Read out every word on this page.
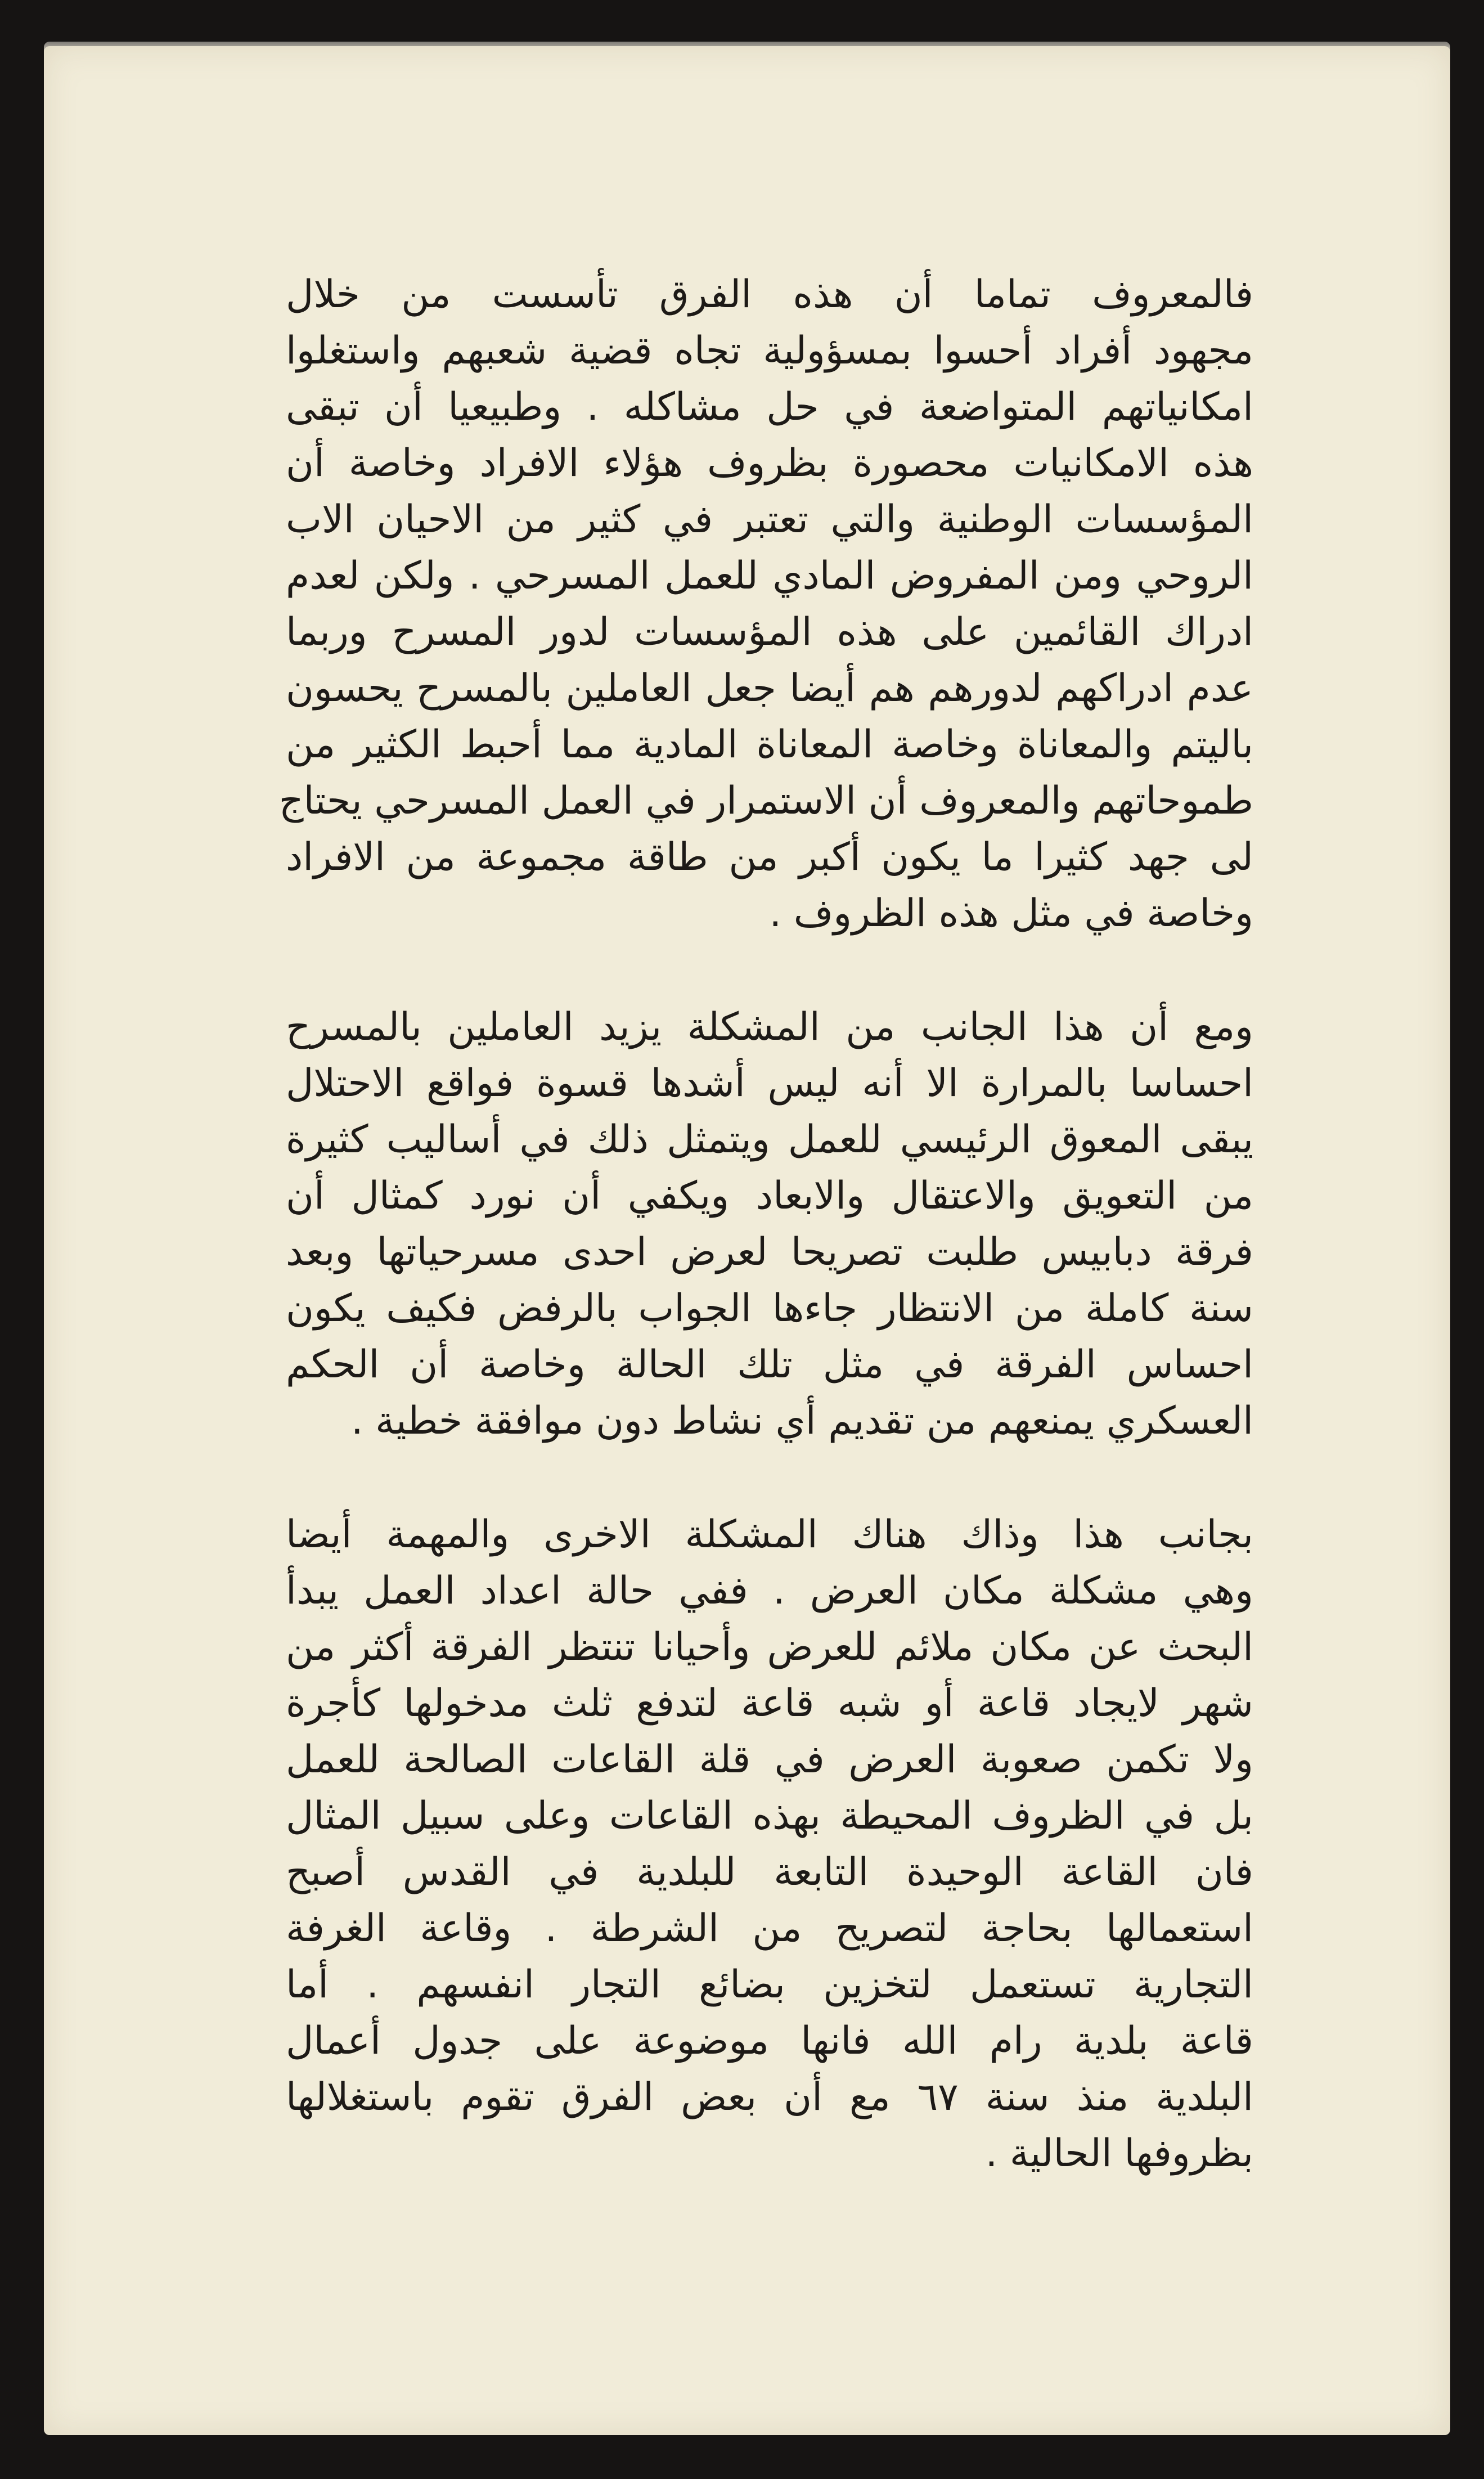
فالمعروف تماما أن هذه الفرق تأسست من خلال
مجهود أفراد أحسوا بمسؤولية تجاه قضية شعبهم واستغلوا
امكانياتهم المتواضعة في حل مشاكله . وطبيعيا أن تبقى
هذه الامكانيات محصورة بظروف هؤلاء الافراد وخاصة أن
المؤسسات الوطنية والتي تعتبر في كثير من الاحيان الاب
الروحي ومن المفروض المادي للعمل المسرحي . ولكن لعدم
ادراك القائمين على هذه المؤسسات لدور المسرح وربما
عدم ادراكهم لدورهم هم أيضا جعل العاملين بالمسرح يحسون
باليتم والمعاناة وخاصة المعاناة المادية مما أحبط الكثير من
طموحاتهم والمعروف أن الاستمرار في العمل المسرحي يحتاج
لى جهد كثيرا ما يكون أكبر من طاقة مجموعة من الافراد
وخاصة في مثل هذه الظروف .
ومع أن هذا الجانب من المشكلة يزيد العاملين بالمسرح
احساسا بالمرارة الا أنه ليس أشدها قسوة فواقع الاحتلال
يبقى المعوق الرئيسي للعمل ويتمثل ذلك في أساليب كثيرة
من التعويق والاعتقال والابعاد ويكفي أن نورد كمثال أن
فرقة دبابيس طلبت تصريحا لعرض احدى مسرحياتها وبعد
سنة كاملة من الانتظار جاءها الجواب بالرفض فكيف يكون
احساس الفرقة في مثل تلك الحالة وخاصة أن الحكم
العسكري يمنعهم من تقديم أي نشاط دون موافقة خطية .
بجانب هذا وذاك هناك المشكلة الاخرى والمهمة أيضا
وهي مشكلة مكان العرض . ففي حالة اعداد العمل يبدأ
البحث عن مكان ملائم للعرض وأحيانا تنتظر الفرقة أكثر من
شهر لايجاد قاعة أو شبه قاعة لتدفع ثلث مدخولها كأجرة
ولا تكمن صعوبة العرض في قلة القاعات الصالحة للعمل
بل في الظروف المحيطة بهذه القاعات وعلى سبيل المثال
فان القاعة الوحيدة التابعة للبلدية في القدس أصبح
استعمالها بحاجة لتصريح من الشرطة . وقاعة الغرفة
التجارية تستعمل لتخزين بضائع التجار انفسهم . أما
قاعة بلدية رام الله فانها موضوعة على جدول أعمال
البلدية منذ سنة ٦٧ مع أن بعض الفرق تقوم باستغلالها
بظروفها الحالية .
